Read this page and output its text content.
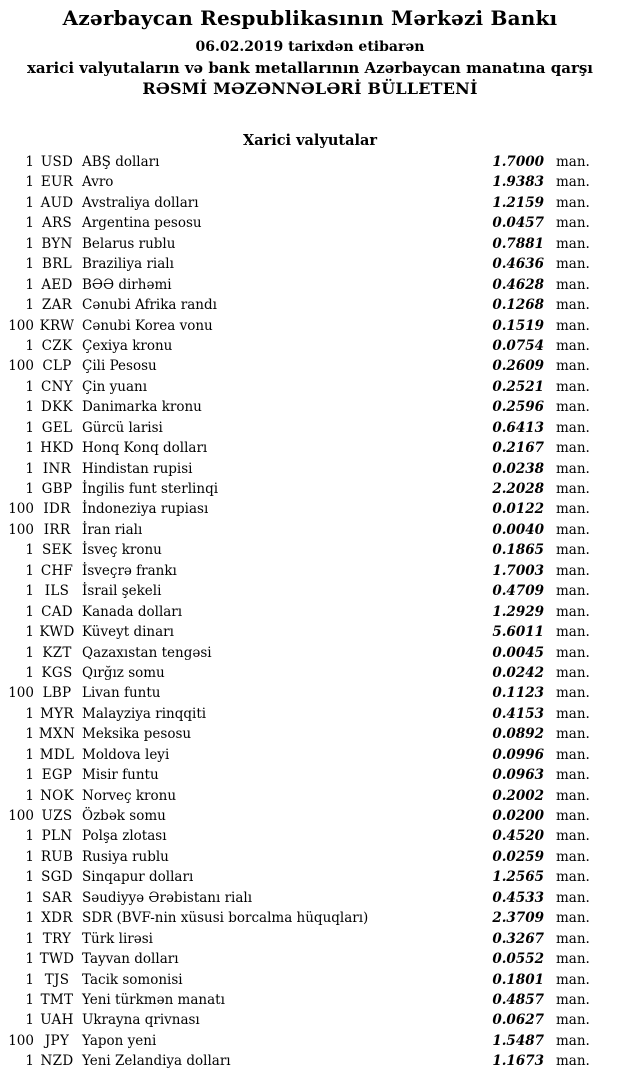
Azərbaycan Respublikasının Mərkəzi Bankı
06.02.2019 tarixdən etibarən
xarici valyutaların və bank metallarının Azərbaycan manatına qarşı
RƏSMİ MƏZƏNNƏLƏRİ BÜLLETENİ
Xarici valyutalar
1 USD ABŞ dolları	1.7000 man.
1 EUR Avro	1.9383 man.
1 AUD Avstraliya dolları	1.2159 man.
1 ARS Argentina pesosu	0.0457 man.
1 BYN Belarus rublu	0.7881 man.
1 BRL Braziliya rialı	0.4636 man.
1 AED BƏƏ dirhəmi	0.4628 man.
1 ZAR Cənubi Afrika randı	0.1268 man.
100 KRW Cənubi Korea vonu	0.1519 man.
1 CZK Çexiya kronu	0.0754 man.
100 CLP Çili Pesosu	0.2609 man.
1 CNY Çin yuanı	0.2521 man.
1 DKK Danimarka kronu	0.2596 man.
1 GEL Gürcü larisi	0.6413 man.
1 HKD Honq Konq dolları	0.2167 man.
1 INR Hindistan rupisi	0.0238 man.
1 GBP İngilis funt sterlinqi	2.2028 man.
100 IDR İndoneziya rupiası	0.0122 man.
100 IRR İran rialı	0.0040 man.
1 SEK İsveç kronu	0.1865 man.
1 CHF İsveçrə frankı	1.7003 man.
1 ILS İsrail şekeli	0.4709 man.
1 CAD Kanada dolları	1.2929 man.
1 KWD Küveyt dinarı	5.6011 man.
1 KZT Qazaxıstan tengəsi	0.0045 man.
1 KGS Qırğız somu	0.0242 man.
100 LBP Livan funtu	0.1123 man.
1 MYR Malayziya rinqqiti	0.4153 man.
1 MXN Meksika pesosu	0.0892 man.
1 MDL Moldova leyi	0.0996 man.
1 EGP Misir funtu	0.0963 man.
1 NOK Norveç kronu	0.2002 man.
100 UZS Özbək somu	0.0200 man.
1 PLN Polşa zlotası	0.4520 man.
1 RUB Rusiya rublu	0.0259 man.
1 SGD Sinqapur dolları	1.2565 man.
1 SAR Səudiyyə Ərəbistanı rialı	0.4533 man.
1 XDR SDR (BVF-nin xüsusi borcalma hüquqları)	2.3709 man.
1 TRY Türk lirəsi	0.3267 man.
1 TWD Tayvan dolları	0.0552 man.
1 TJS Tacik somonisi	0.1801 man.
1 TMT Yeni türkmən manatı	0.4857 man.
1 UAH Ukrayna qrivnası	0.0627 man.
100 JPY Yapon yeni	1.5487 man.
1 NZD Yeni Zelandiya dolları	1.1673 man.
